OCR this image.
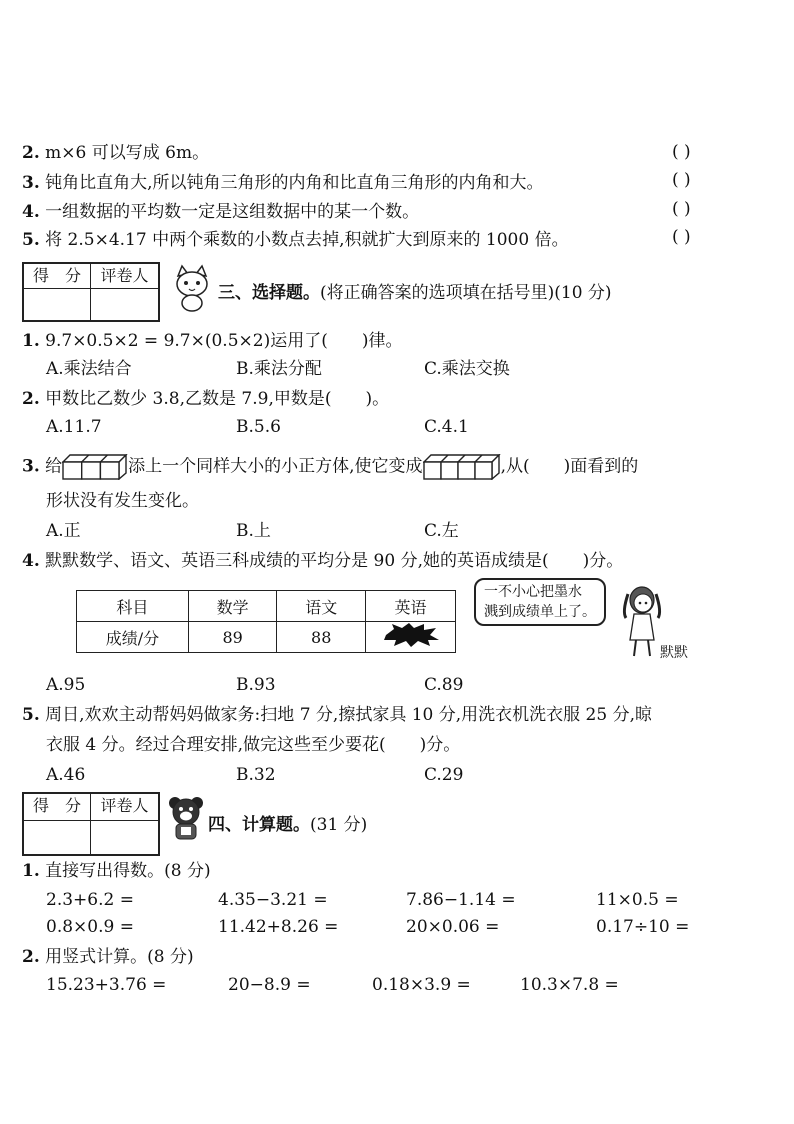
2. m×6 可以写成 6m。	( )
3. 钝角比直角大,所以钝角三角形的内角和比直角三角形的内角和大。	( )
4. 一组数据的平均数一定是这组数据中的某一个数。	( )
5. 将 2.5×4.17 中两个乘数的小数点去掉,积就扩大到原来的 1000 倍。	( )
得　分	评卷人
三、选择题。(将正确答案的选项填在括号里)(10 分)
1. 9.7×0.5×2 = 9.7×(0.5×2)运用了(　　)律。
A.乘法结合	B.乘法分配	C.乘法交换
2. 甲数比乙数少 3.8,乙数是 7.9,甲数是(　　)。
A.11.7	B.5.6	C.4.1
3. 给	添上一个同样大小的小正方体,使它变成	,从(　　)面看到的
形状没有发生变化。
A.正	B.上	C.左
4. 默默数学、语文、英语三科成绩的平均分是 90 分,她的英语成绩是(　　)分。
科目	数学	语文	英语
成绩/分	89	88	
一不小心把墨水
溅到成绩单上了。
默默
A.95	B.93	C.89
5. 周日,欢欢主动帮妈妈做家务:扫地 7 分,擦拭家具 10 分,用洗衣机洗衣服 25 分,晾
衣服 4 分。经过合理安排,做完这些至少要花(　　)分。
A.46	B.32	C.29
得　分	评卷人
四、计算题。(31 分)
1. 直接写出得数。(8 分)
2.3+6.2 =	4.35−3.21 =	7.86−1.14 =	11×0.5 =
0.8×0.9 =	11.42+8.26 =	20×0.06 =	0.17÷10 =
2. 用竖式计算。(8 分)
15.23+3.76 =	20−8.9 =	0.18×3.9 =	10.3×7.8 =
